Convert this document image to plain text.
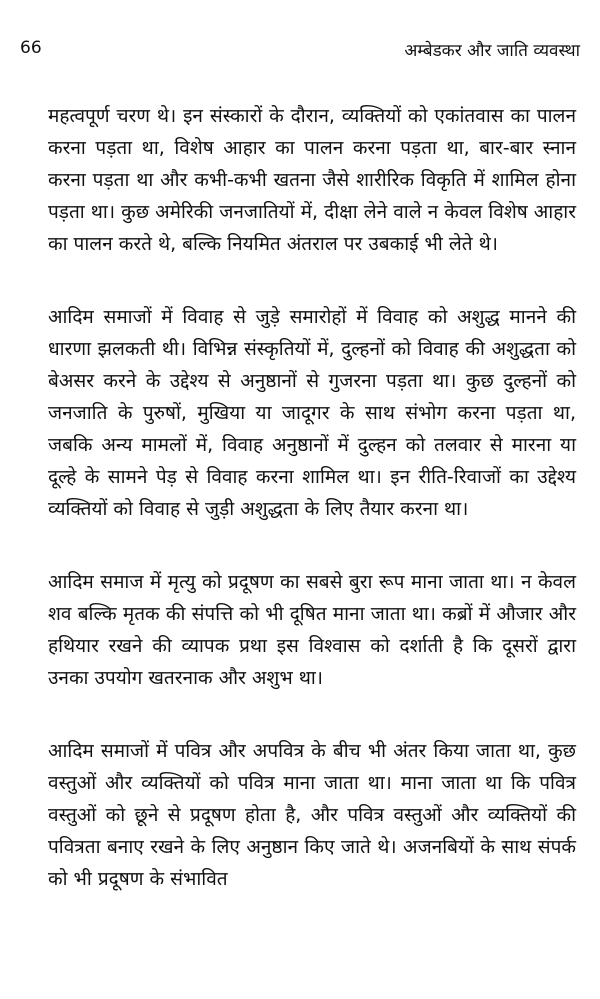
66	अम्बेडकर और जाति व्यवस्था

महत्वपूर्ण चरण थे। इन संस्कारों के दौरान, व्यक्तियों को एकांतवास का पालन करना पड़ता था, विशेष आहार का पालन करना पड़ता था, बार-बार स्नान करना पड़ता था और कभी-कभी खतना जैसे शारीरिक विकृति में शामिल होना पड़ता था। कुछ अमेरिकी जनजातियों में, दीक्षा लेने वाले न केवल विशेष आहार का पालन करते थे, बल्कि नियमित अंतराल पर उबकाई भी लेते थे।

आदिम समाजों में विवाह से जुड़े समारोहों में विवाह को अशुद्ध मानने की धारणा झलकती थी। विभिन्न संस्कृतियों में, दुल्हनों को विवाह की अशुद्धता को बेअसर करने के उद्देश्य से अनुष्ठानों से गुजरना पड़ता था। कुछ दुल्हनों को जनजाति के पुरुषों, मुखिया या जादूगर के साथ संभोग करना पड़ता था, जबकि अन्य मामलों में, विवाह अनुष्ठानों में दुल्हन को तलवार से मारना या दूल्हे के सामने पेड़ से विवाह करना शामिल था। इन रीति-रिवाजों का उद्देश्य व्यक्तियों को विवाह से जुड़ी अशुद्धता के लिए तैयार करना था।

आदिम समाज में मृत्यु को प्रदूषण का सबसे बुरा रूप माना जाता था। न केवल शव बल्कि मृतक की संपत्ति को भी दूषित माना जाता था। कब्रों में औजार और हथियार रखने की व्यापक प्रथा इस विश्वास को दर्शाती है कि दूसरों द्वारा उनका उपयोग खतरनाक और अशुभ था।

आदिम समाजों में पवित्र और अपवित्र के बीच भी अंतर किया जाता था, कुछ वस्तुओं और व्यक्तियों को पवित्र माना जाता था। माना जाता था कि पवित्र वस्तुओं को छूने से प्रदूषण होता है, और पवित्र वस्तुओं और व्यक्तियों की पवित्रता बनाए रखने के लिए अनुष्ठान किए जाते थे। अजनबियों के साथ संपर्क को भी प्रदूषण के संभावित
